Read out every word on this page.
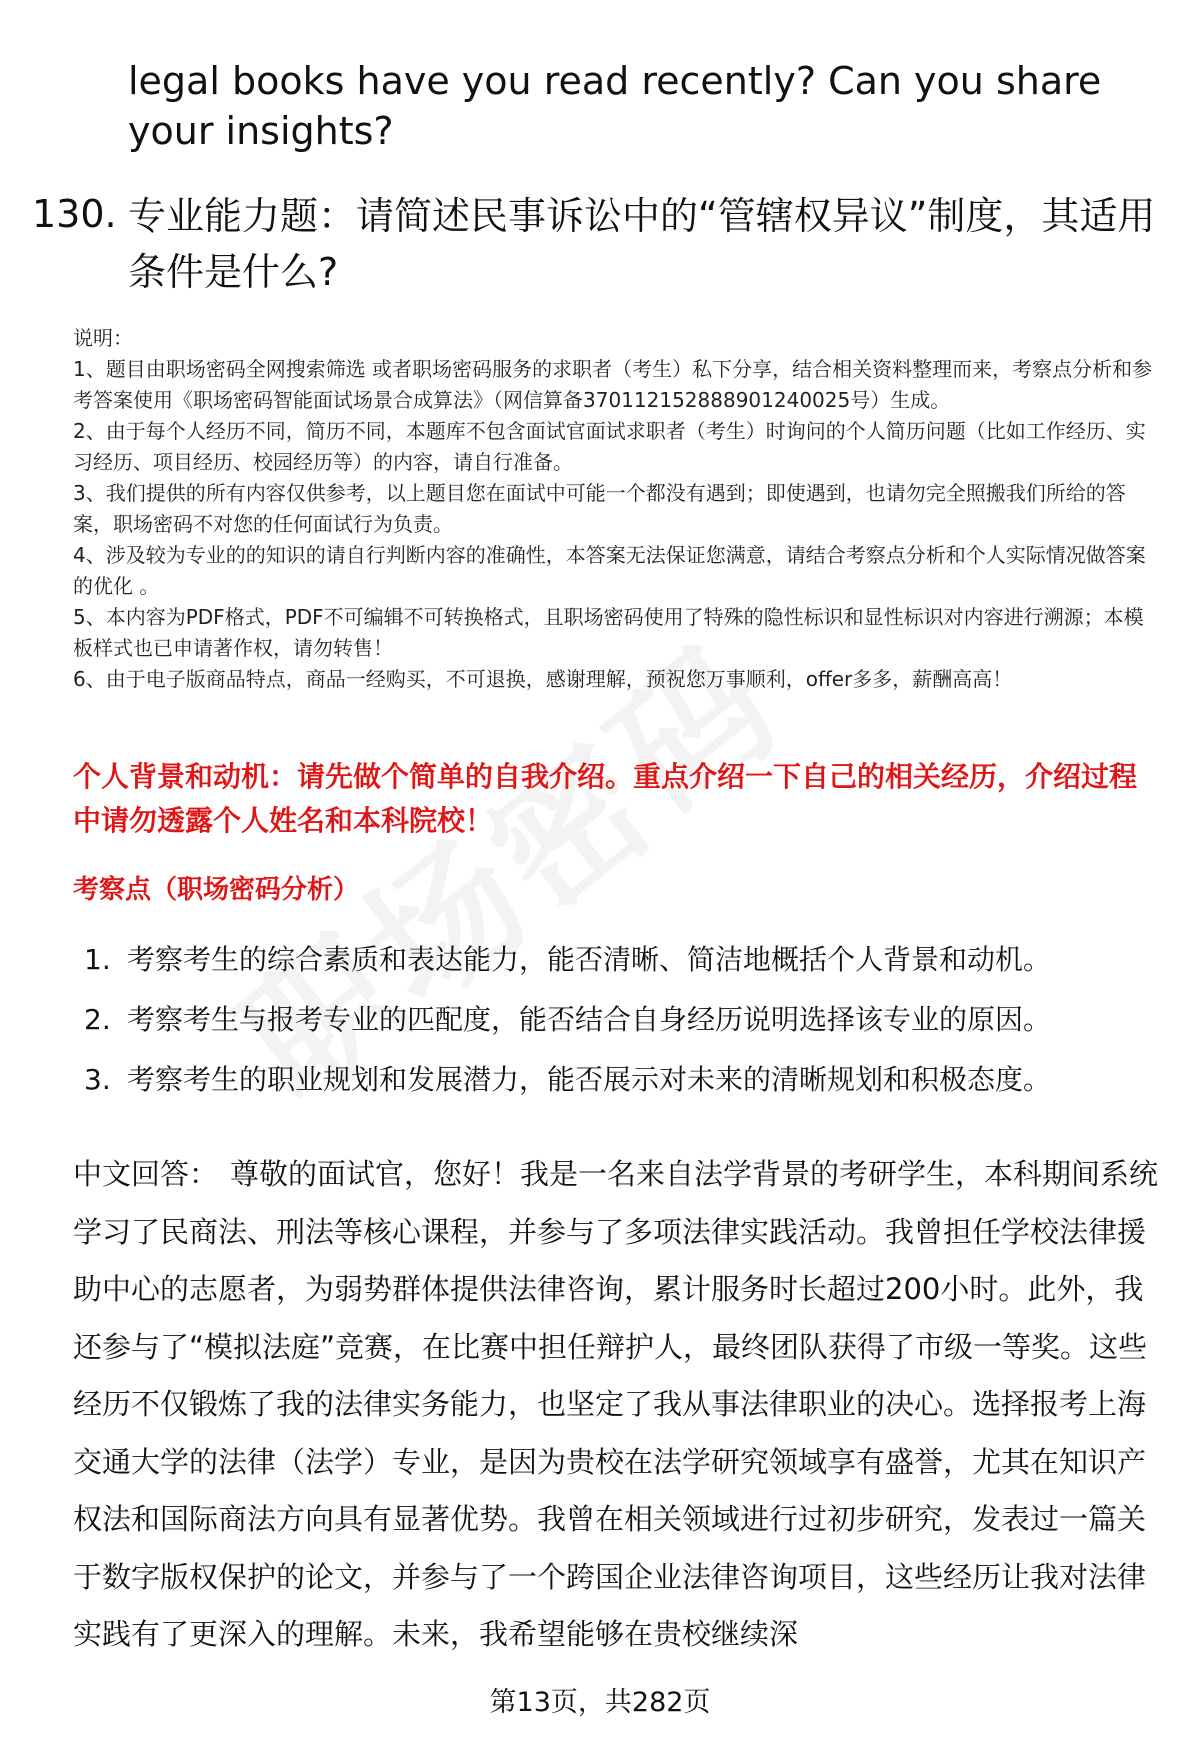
legal books have you read recently? Can you share your insights?
130. 专业能力题：请简述民事诉讼中的“管辖权异议”制度，其适用条件是什么?

说明：

1、题目由职场密码全网搜索筛选 或者职场密码服务的求职者（考生）私下分享，结合相关资料整理而来，考察点分析和参考答案使用《职场密码智能面试场景合成算法》（网信算备370112152888901240025号）生成。

2、由于每个人经历不同，简历不同，本题库不包含面试官面试求职者（考生）时询问的个人简历问题（比如工作经历、实习经历、项目经历、校园经历等）的内容，请自行准备。

3、我们提供的所有内容仅供参考，以上题目您在面试中可能一个都没有遇到；即使遇到，也请勿完全照搬我们所给的答案，职场密码不对您的任何面试行为负责。

4、涉及较为专业的的知识的请自行判断内容的准确性，本答案无法保证您满意，请结合考察点分析和个人实际情况做答案的优化 。

5、本内容为PDF格式，PDF不可编辑不可转换格式，且职场密码使用了特殊的隐性标识和显性标识对内容进行溯源；本模板样式也已申请著作权，请勿转售！

6、由于电子版商品特点，商品一经购买，不可退换，感谢理解，预祝您万事顺利，offer多多，薪酬高高！

个人背景和动机：请先做个简单的自我介绍。重点介绍一下自己的相关经历，介绍过程中请勿透露个人姓名和本科院校！
考察点（职场密码分析）
1. 考察考生的综合素质和表达能力，能否清晰、简洁地概括个人背景和动机。
2. 考察考生与报考专业的匹配度，能否结合自身经历说明选择该专业的原因。
3. 考察考生的职业规划和发展潜力，能否展示对未来的清晰规划和积极态度。
中文回答： 尊敬的面试官，您好！我是一名来自法学背景的考研学生，本科期间系统学习了民商法、刑法等核心课程，并参与了多项法律实践活动。我曾担任学校法律援助中心的志愿者，为弱势群体提供法律咨询，累计服务时长超过200小时。此外，我还参与了“模拟法庭”竞赛，在比赛中担任辩护人，最终团队获得了市级一等奖。这些经历不仅锻炼了我的法律实务能力，也坚定了我从事法律职业的决心。选择报考上海交通大学的法律（法学）专业，是因为贵校在法学研究领域享有盛誉，尤其在知识产权法和国际商法方向具有显著优势。我曾在相关领域进行过初步研究，发表过一篇关于数字版权保护的论文，并参与了一个跨国企业法律咨询项目，这些经历让我对法律实践有了更深入的理解。未来，我希望能够在贵校继续深
第13页，共282页
